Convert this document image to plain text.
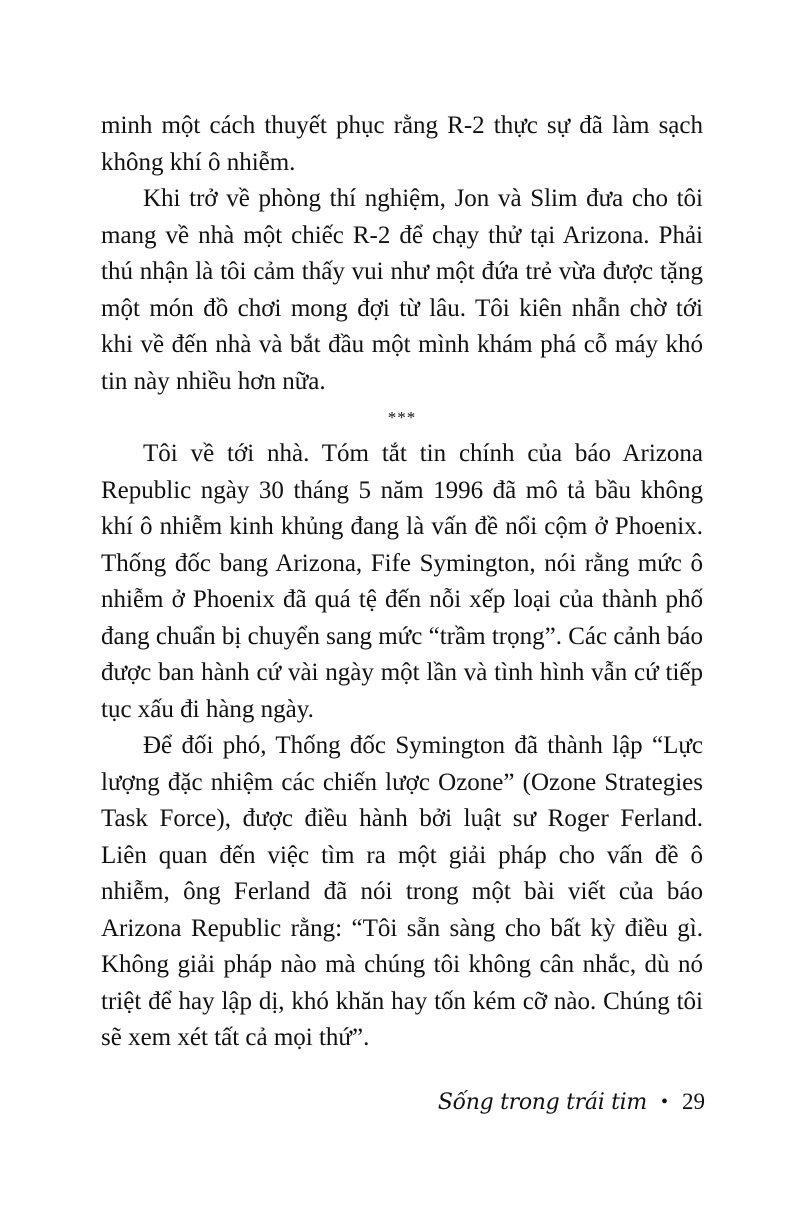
minh một cách thuyết phục rằng R-2 thực sự đã làm sạch không khí ô nhiễm.

Khi trở về phòng thí nghiệm, Jon và Slim đưa cho tôi mang về nhà một chiếc R-2 để chạy thử tại Arizona. Phải thú nhận là tôi cảm thấy vui như một đứa trẻ vừa được tặng một món đồ chơi mong đợi từ lâu. Tôi kiên nhẫn chờ tới khi về đến nhà và bắt đầu một mình khám phá cỗ máy khó tin này nhiều hơn nữa.

***

Tôi về tới nhà. Tóm tắt tin chính của báo Arizona Republic ngày 30 tháng 5 năm 1996 đã mô tả bầu không khí ô nhiễm kinh khủng đang là vấn đề nổi cộm ở Phoenix. Thống đốc bang Arizona, Fife Symington, nói rằng mức ô nhiễm ở Phoenix đã quá tệ đến nỗi xếp loại của thành phố đang chuẩn bị chuyển sang mức “trầm trọng”. Các cảnh báo được ban hành cứ vài ngày một lần và tình hình vẫn cứ tiếp tục xấu đi hàng ngày.

Để đối phó, Thống đốc Symington đã thành lập “Lực lượng đặc nhiệm các chiến lược Ozone” (Ozone Strategies Task Force), được điều hành bởi luật sư Roger Ferland. Liên quan đến việc tìm ra một giải pháp cho vấn đề ô nhiễm, ông Ferland đã nói trong một bài viết của báo Arizona Republic rằng: “Tôi sẵn sàng cho bất kỳ điều gì. Không giải pháp nào mà chúng tôi không cân nhắc, dù nó triệt để hay lập dị, khó khăn hay tốn kém cỡ nào. Chúng tôi sẽ xem xét tất cả mọi thứ”.

Sống trong trái tim • 29
